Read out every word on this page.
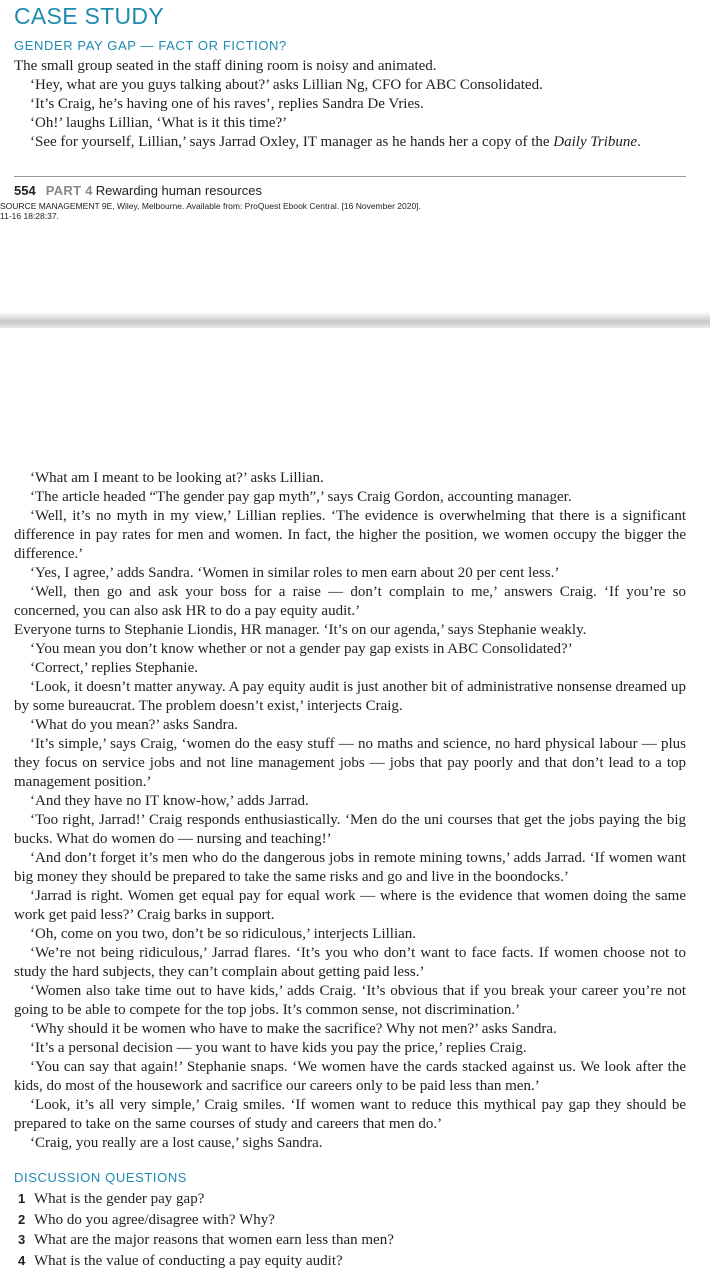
CASE STUDY
GENDER PAY GAP — FACT OR FICTION?

The small group seated in the staff dining room is noisy and animated.

‘Hey, what are you guys talking about?’ asks Lillian Ng, CFO for ABC Consolidated.

‘It’s Craig, he’s having one of his raves’, replies Sandra De Vries.

‘Oh!’ laughs Lillian, ‘What is it this time?’

‘See for yourself, Lillian,’ says Jarrad Oxley, IT manager as he hands her a copy of the Daily Tribune.

554 PART 4 Rewarding human resources
SOURCE MANAGEMENT 9E, Wiley, Melbourne. Available from: ProQuest Ebook Central. [16 November 2020].
11-16 18:28:37.

‘What am I meant to be looking at?’ asks Lillian.

‘The article headed “The gender pay gap myth”,’ says Craig Gordon, accounting manager.

‘Well, it’s no myth in my view,’ Lillian replies. ‘The evidence is overwhelming that there is a significant difference in pay rates for men and women. In fact, the higher the position, we women occupy the bigger the difference.’

‘Yes, I agree,’ adds Sandra. ‘Women in similar roles to men earn about 20 per cent less.’

‘Well, then go and ask your boss for a raise — don’t complain to me,’ answers Craig. ‘If you’re so concerned, you can also ask HR to do a pay equity audit.’

Everyone turns to Stephanie Liondis, HR manager. ‘It’s on our agenda,’ says Stephanie weakly.

‘You mean you don’t know whether or not a gender pay gap exists in ABC Consolidated?’

‘Correct,’ replies Stephanie.

‘Look, it doesn’t matter anyway. A pay equity audit is just another bit of administrative nonsense dreamed up by some bureaucrat. The problem doesn’t exist,’ interjects Craig.

‘What do you mean?’ asks Sandra.

‘It’s simple,’ says Craig, ‘women do the easy stuff — no maths and science, no hard physical labour — plus they focus on service jobs and not line management jobs — jobs that pay poorly and that don’t lead to a top management position.’

‘And they have no IT know-how,’ adds Jarrad.

‘Too right, Jarrad!’ Craig responds enthusiastically. ‘Men do the uni courses that get the jobs paying the big bucks. What do women do — nursing and teaching!’

‘And don’t forget it’s men who do the dangerous jobs in remote mining towns,’ adds Jarrad. ‘If women want big money they should be prepared to take the same risks and go and live in the boondocks.’

‘Jarrad is right. Women get equal pay for equal work — where is the evidence that women doing the same work get paid less?’ Craig barks in support.

‘Oh, come on you two, don’t be so ridiculous,’ interjects Lillian.

‘We’re not being ridiculous,’ Jarrad flares. ‘It’s you who don’t want to face facts. If women choose not to study the hard subjects, they can’t complain about getting paid less.’

‘Women also take time out to have kids,’ adds Craig. ‘It’s obvious that if you break your career you’re not going to be able to compete for the top jobs. It’s common sense, not discrimination.’

‘Why should it be women who have to make the sacrifice? Why not men?’ asks Sandra.

‘It’s a personal decision — you want to have kids you pay the price,’ replies Craig.

‘You can say that again!’ Stephanie snaps. ‘We women have the cards stacked against us. We look after the kids, do most of the housework and sacrifice our careers only to be paid less than men.’

‘Look, it’s all very simple,’ Craig smiles. ‘If women want to reduce this mythical pay gap they should be prepared to take on the same courses of study and careers that men do.’

‘Craig, you really are a lost cause,’ sighs Sandra.

DISCUSSION QUESTIONS
1 What is the gender pay gap?
2 Who do you agree/disagree with? Why?
3 What are the major reasons that women earn less than men?
4 What is the value of conducting a pay equity audit?
